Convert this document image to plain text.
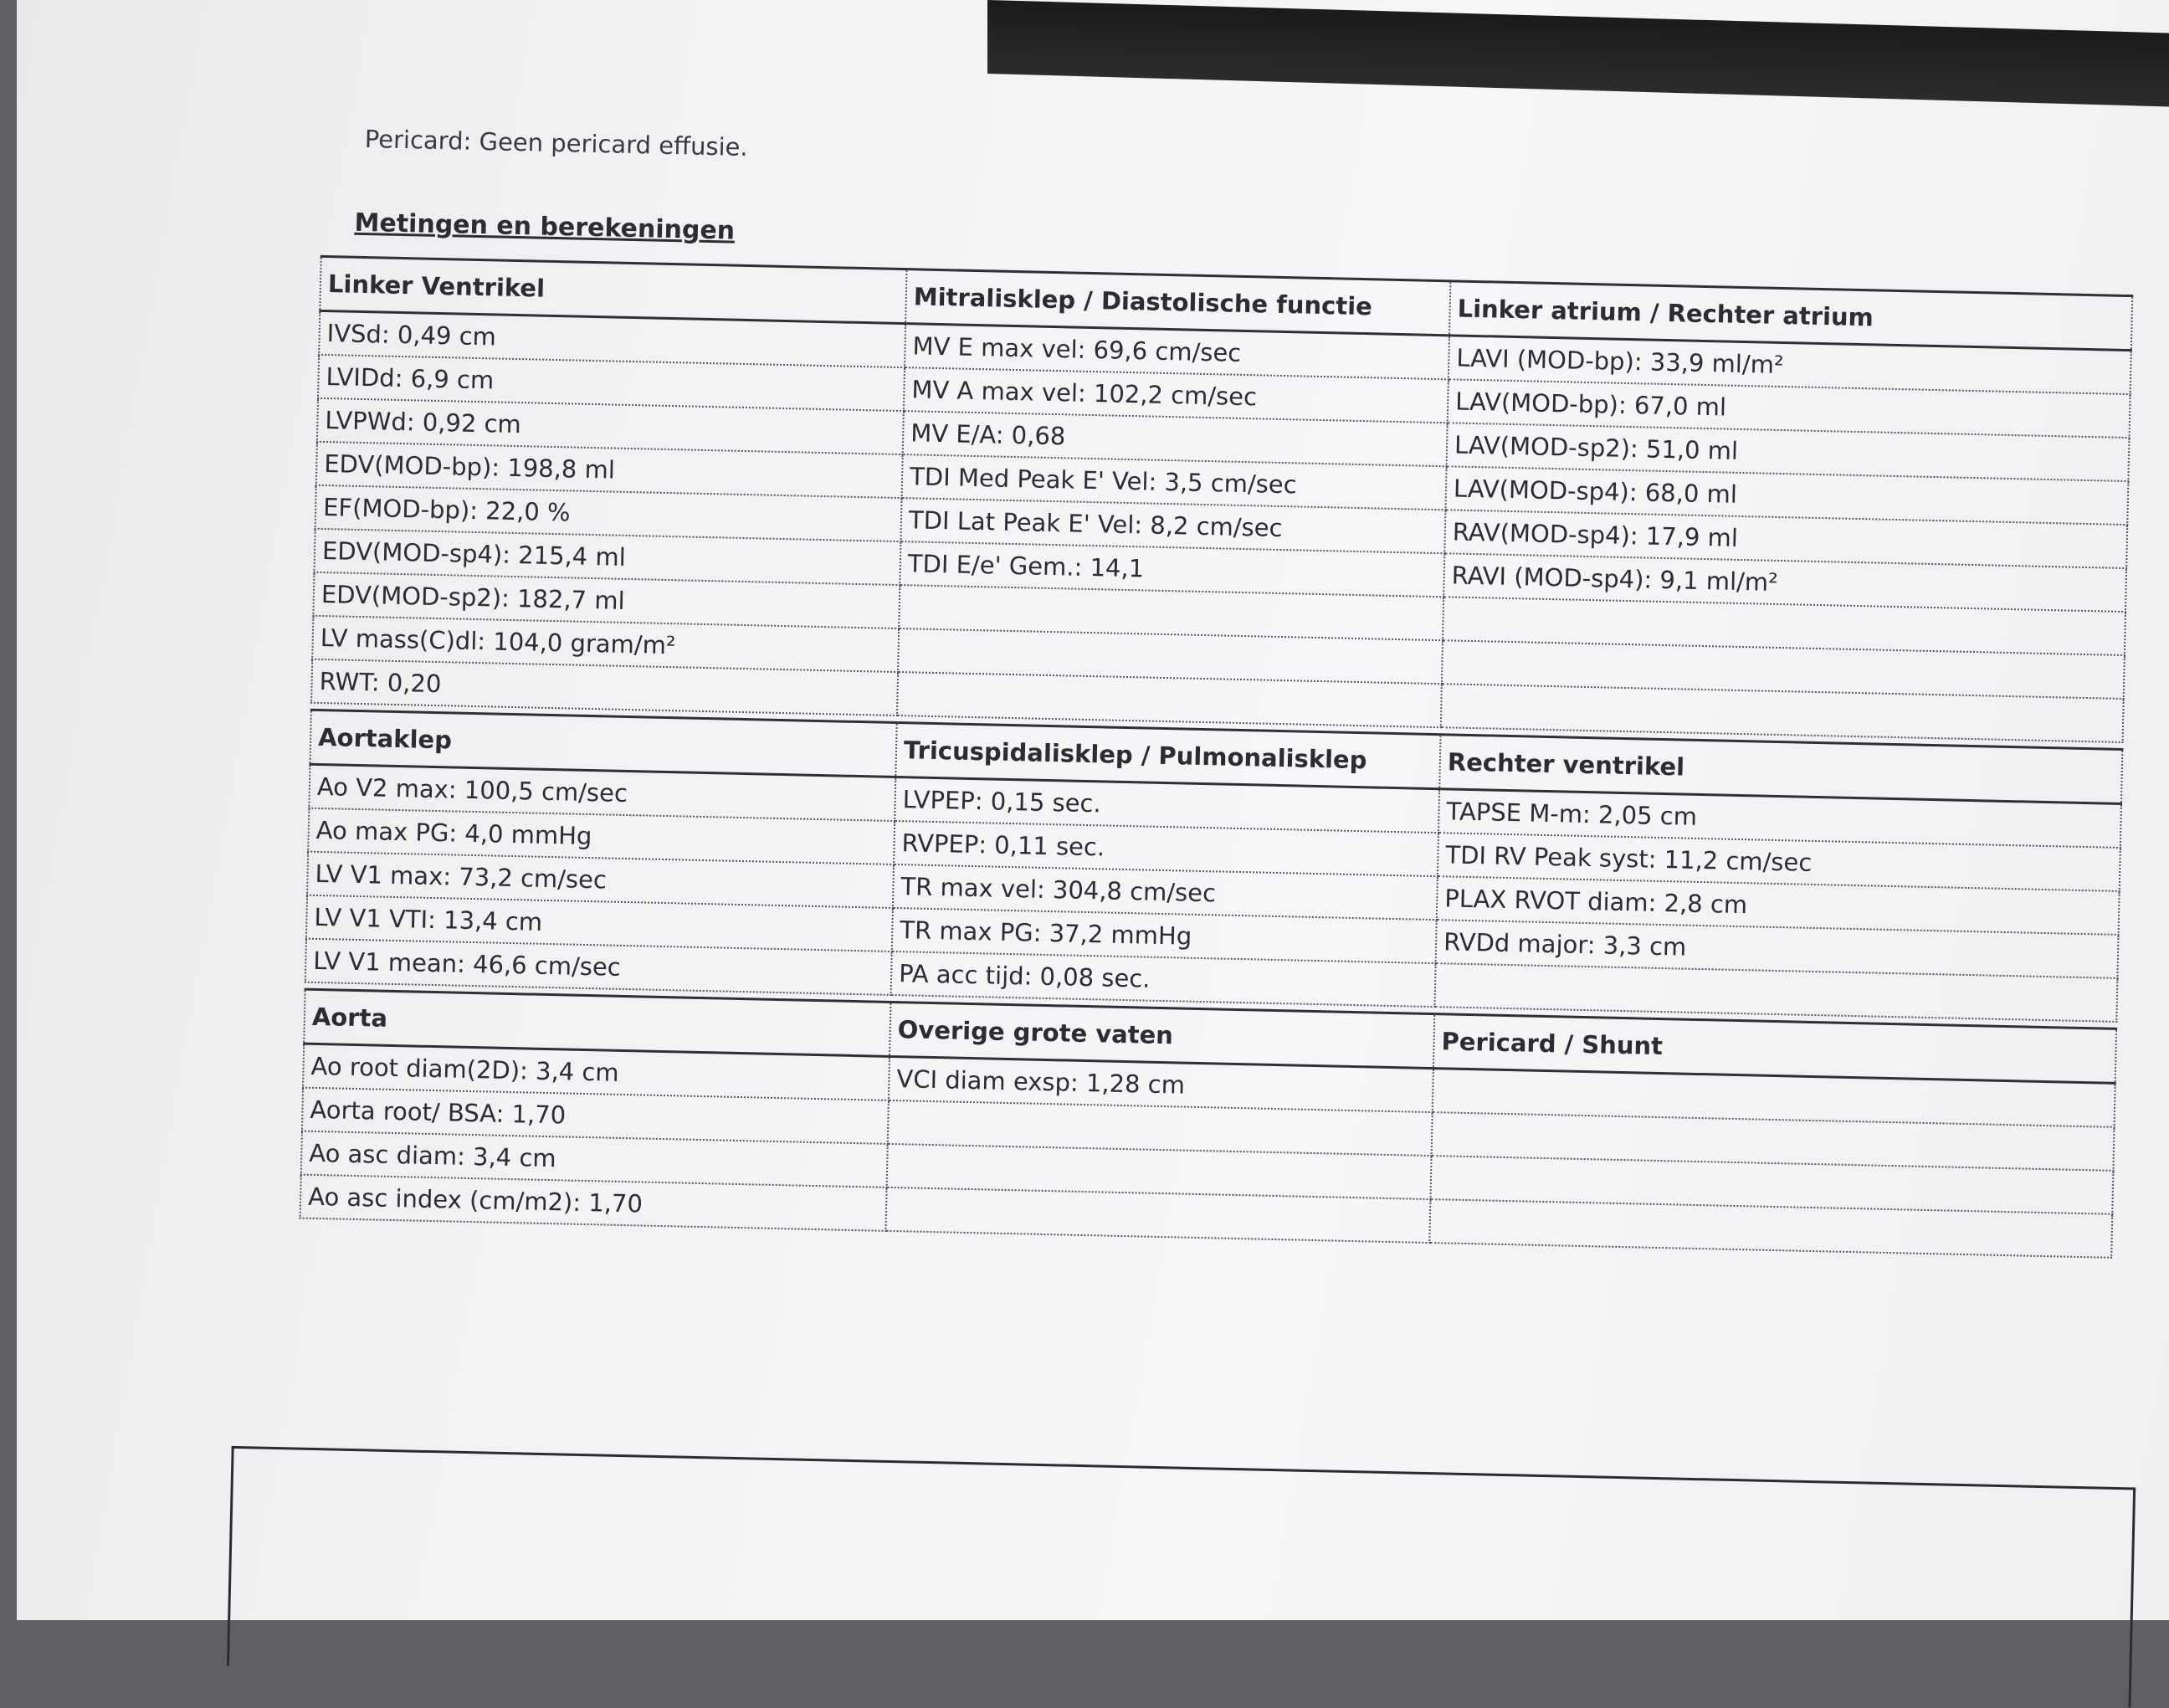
Pericard: Geen pericard effusie.
Metingen en berekeningen
Linker Ventrikel	Mitralisklep / Diastolische functie	Linker atrium / Rechter atrium
IVSd: 0,49 cm	MV E max vel: 69,6 cm/sec	LAVI (MOD-bp): 33,9 ml/m²
LVIDd: 6,9 cm	MV A max vel: 102,2 cm/sec	LAV(MOD-bp): 67,0 ml
LVPWd: 0,92 cm	MV E/A: 0,68	LAV(MOD-sp2): 51,0 ml
EDV(MOD-bp): 198,8 ml	TDI Med Peak E' Vel: 3,5 cm/sec	LAV(MOD-sp4): 68,0 ml
EF(MOD-bp): 22,0 %	TDI Lat Peak E' Vel: 8,2 cm/sec	RAV(MOD-sp4): 17,9 ml
EDV(MOD-sp4): 215,4 ml	TDI E/e' Gem.: 14,1	RAVI (MOD-sp4): 9,1 ml/m²
EDV(MOD-sp2): 182,7 ml		
LV mass(C)dl: 104,0 gram/m²		
RWT: 0,20		

Aortaklep	Tricuspidalisklep / Pulmonalisklep	Rechter ventrikel
Ao V2 max: 100,5 cm/sec	LVPEP: 0,15 sec.	TAPSE M-m: 2,05 cm
Ao max PG: 4,0 mmHg	RVPEP: 0,11 sec.	TDI RV Peak syst: 11,2 cm/sec
LV V1 max: 73,2 cm/sec	TR max vel: 304,8 cm/sec	PLAX RVOT diam: 2,8 cm
LV V1 VTI: 13,4 cm	TR max PG: 37,2 mmHg	RVDd major: 3,3 cm
LV V1 mean: 46,6 cm/sec	PA acc tijd: 0,08 sec.	

Aorta	Overige grote vaten	Pericard / Shunt
Ao root diam(2D): 3,4 cm	VCI diam exsp: 1,28 cm	
Aorta root/ BSA: 1,70		
Ao asc diam: 3,4 cm		
Ao asc index (cm/m2): 1,70		
